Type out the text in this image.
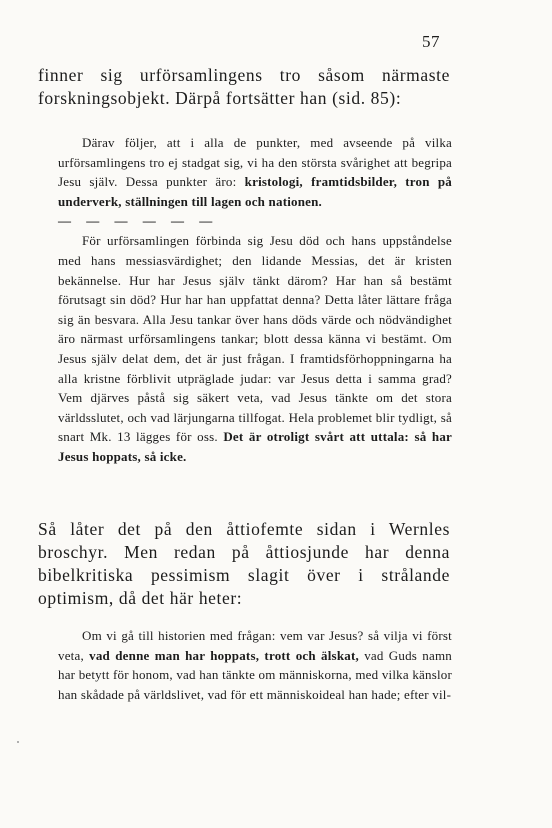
57

finner sig urförsamlingens tro såsom närmaste forskningsobjekt. Därpå fortsätter han (sid. 85):

Därav följer, att i alla de punkter, med avseende på vilka urförsamlingens tro ej stadgat sig, vi ha den största svårighet att begripa Jesu själv. Dessa punkter äro: kristologi, framtidsbilder, tron på underverk, ställningen till lagen och nationen.

— — — — — —

För urförsamlingen förbinda sig Jesu död och hans uppståndelse med hans messiasvärdighet; den lidande Messias, det är kristen bekännelse. Hur har Jesus själv tänkt därom? Har han så bestämt förutsagt sin död? Hur har han uppfattat denna? Detta låter lättare fråga sig än besvara. Alla Jesu tankar över hans döds värde och nödvändighet äro närmast urförsamlingens tankar; blott dessa känna vi bestämt. Om Jesus själv delat dem, det är just frågan. I framtidsförhoppningarna ha alla kristne förblivit utpräglade judar: var Jesus detta i samma grad? Vem djärves påstå sig säkert veta, vad Jesus tänkte om det stora världsslutet, och vad lärjungarna tillfogat. Hela problemet blir tydligt, så snart Mk. 13 lägges för oss. Det är otroligt svårt att uttala: så har Jesus hoppats, så icke.

Så låter det på den åttiofemte sidan i Wernles broschyr. Men redan på åttiosjunde har denna bibelkritiska pessimism slagit över i strålande optimism, då det här heter:

Om vi gå till historien med frågan: vem var Jesus? så vilja vi först veta, vad denne man har hoppats, trott och älskat, vad Guds namn har betytt för honom, vad han tänkte om människorna, med vilka känslor han skådade på världslivet, vad för ett människoideal han hade; efter vil-
